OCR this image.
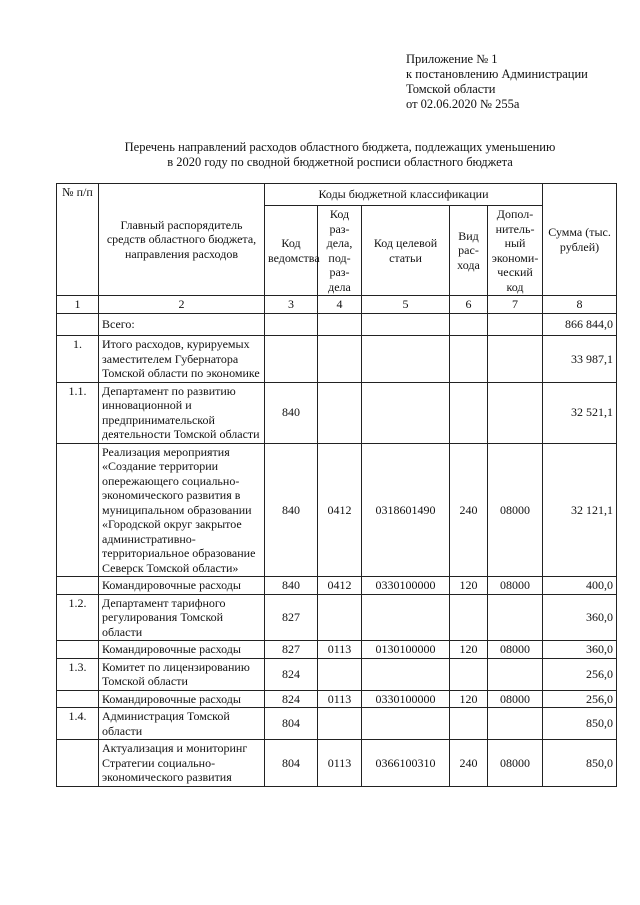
Приложение № 1
к постановлению Администрации
Томской области
от 02.06.2020 № 255а
Перечень направлений расходов областного бюджета, подлежащих уменьшению
в 2020 году по сводной бюджетной росписи областного бюджета
№ п/п	Главный распорядитель средств областного бюджета, направления расходов	Коды бюджетной классификации					Сумма (тыс. рублей)
		Код ведомства	Код раз-дела, под-раз-дела	Код целевой статьи	Вид рас-хода	Допол-нитель-ный экономи-ческий код	
1	2	3	4	5	6	7	8
	Всего:						866 844,0
1.	Итого расходов, курируемых заместителем Губернатора Томской области по экономике						33 987,1
1.1.	Департамент по развитию инновационной и предпринимательской деятельности Томской области	840					32 521,1
	Реализация мероприятия «Создание территории опережающего социально-экономического развития в муниципальном образовании «Городской округ закрытое административно-территориальное образование Северск Томской области»	840	0412	0318601490	240	08000	32 121,1
	Командировочные расходы	840	0412	0330100000	120	08000	400,0
1.2.	Департамент тарифного регулирования Томской области	827					360,0
	Командировочные расходы	827	0113	0130100000	120	08000	360,0
1.3.	Комитет по лицензированию Томской области	824					256,0
	Командировочные расходы	824	0113	0330100000	120	08000	256,0
1.4.	Администрация Томской области	804					850,0
	Актуализация и мониторинг Стратегии социально-экономического развития	804	0113	0366100310	240	08000	850,0
